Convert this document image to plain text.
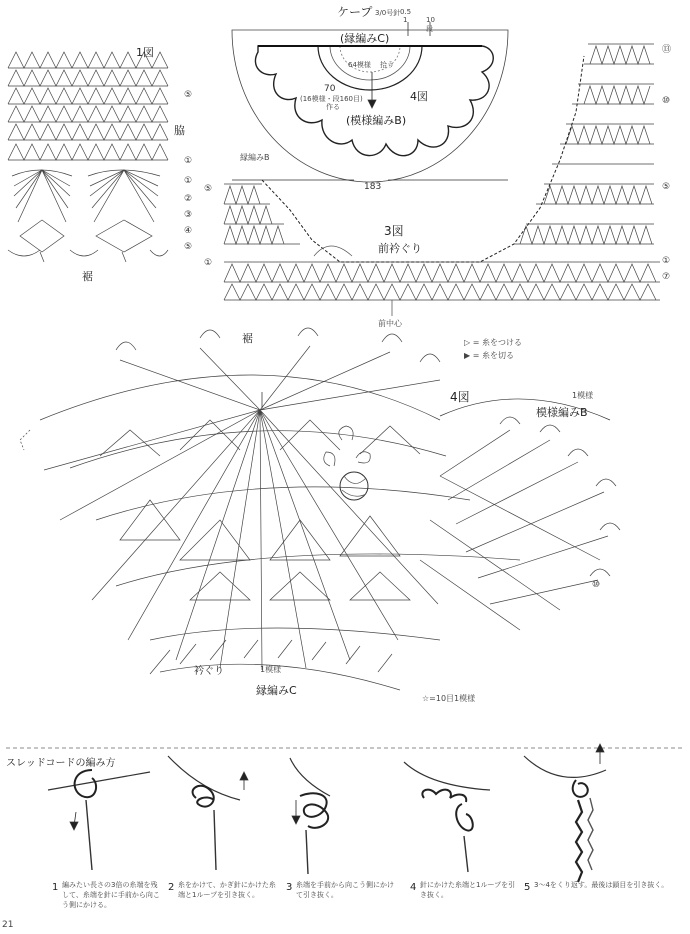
ケープ 3/0号針 0.5
1	10
段
(縁編みC)
64模様 拾う
70
(16模様・段160目)
作る
4図
(模様編みB)
183
1図
脇
裾
⑤
①
①
②
③
④
⑤
3図
縁編みB
前衿ぐり
前中心
⑤
①
⑬
⑩
⑤
①
⑦
▷ = 糸をつける
▶ = 糸を切る
裾
4図	1模様
模様編みB
⑩
衿ぐり	1模様
縁編みC
☆=10目1模様
スレッドコードの編み方
1 編みたい長さの3倍の糸端を残して、糸端を針に手前から向こう側にかける。
2 糸をかけて、かぎ針にかけた糸端と1ループを引き抜く。
3 糸端を手前から向こう側にかけて引き抜く。
4 針にかけた糸端と1ループを引き抜く。
5 3〜4をくり返す。最後は鎖目を引き抜く。
21
